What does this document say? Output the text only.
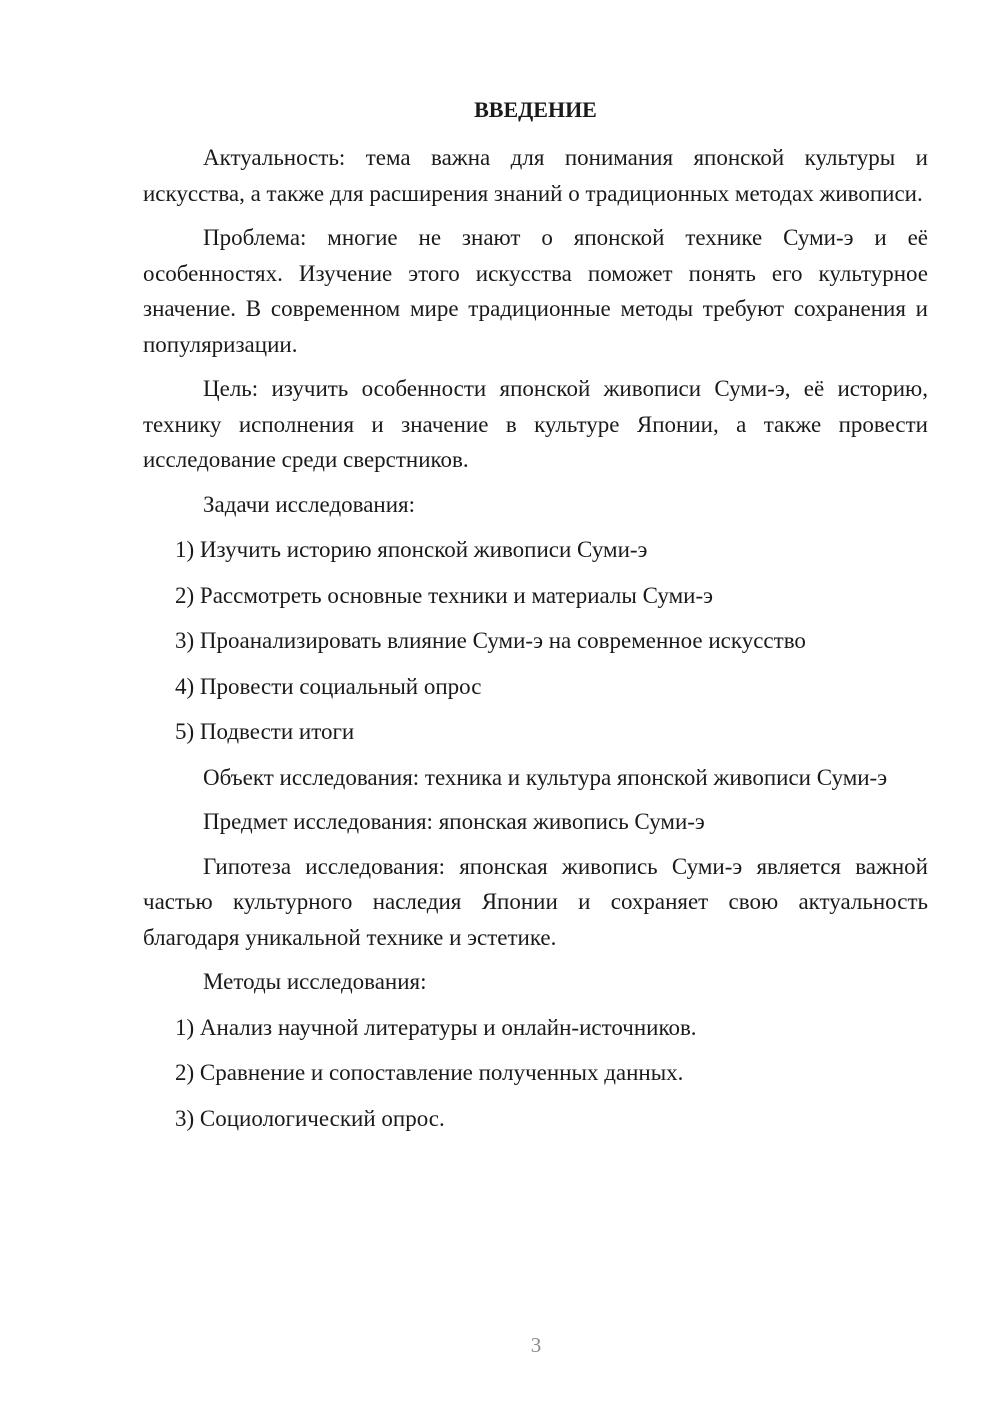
ВВЕДЕНИЕ

Актуальность: тема важна для понимания японской культуры и искусства, а также для расширения знаний о традиционных методах живописи.

Проблема: многие не знают о японской технике Суми-э и её особенностях. Изучение этого искусства поможет понять его культурное значение. В современном мире традиционные методы требуют сохранения и популяризации.

Цель: изучить особенности японской живописи Суми-э, её историю, технику исполнения и значение в культуре Японии, а также провести исследование среди сверстников.

Задачи исследования:

1) Изучить историю японской живописи Суми-э
2) Рассмотреть основные техники и материалы Суми-э
3) Проанализировать влияние Суми-э на современное искусство
4) Провести социальный опрос
5) Подвести итоги

Объект исследования: техника и культура японской живописи Суми-э

Предмет исследования: японская живопись Суми-э

Гипотеза исследования: японская живопись Суми-э является важной частью культурного наследия Японии и сохраняет свою актуальность благодаря уникальной технике и эстетике.

Методы исследования:

1) Анализ научной литературы и онлайн-источников.
2) Сравнение и сопоставление полученных данных.
3) Социологический опрос.
3
